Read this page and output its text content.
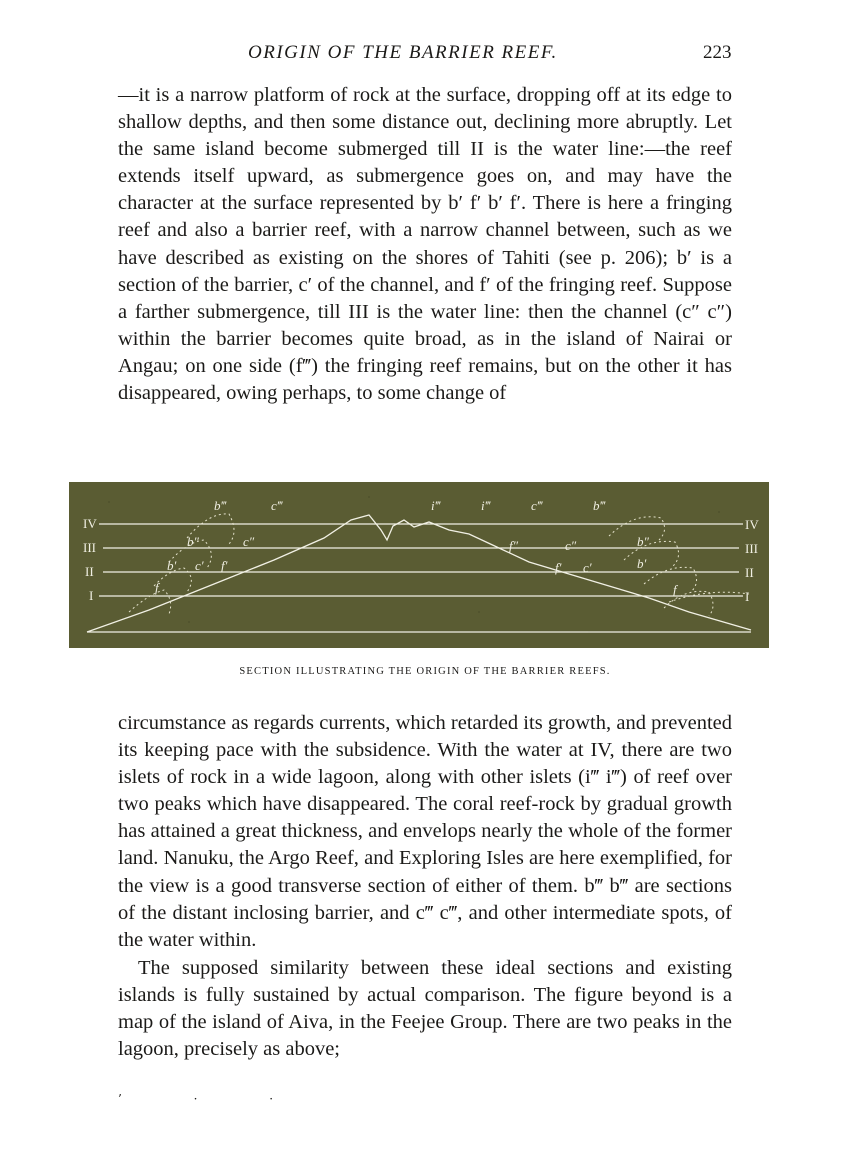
ORIGIN OF THE BARRIER REEF.	223

—it is a narrow platform of rock at the surface, dropping off at its edge to shallow depths, and then some distance out, declining more abruptly. Let the same island become submerged till II is the water line:—the reef extends itself upward, as submergence goes on, and may have the character at the surface represented by b′ f′ b′ f′. There is here a fringing reef and also a barrier reef, with a narrow channel between, such as we have described as existing on the shores of Tahiti (see p. 206); b′ is a section of the barrier, c′ of the channel, and f′ of the fringing reef. Suppose a farther submergence, till III is the water line: then the channel (c″ c″) within the barrier becomes quite broad, as in the island of Nairai or Angau; on one side (f‴) the fringing reef remains, but on the other it has disappeared, owing perhaps, to some change of

IV
III
II
I
IV
III
II
I
b‴	c‴	i‴	i‴	c‴	b‴
b″	c″	f″	c″	b″
b′ c′ f′	f′ c′	b′
f	f
SECTION ILLUSTRATING THE ORIGIN OF THE BARRIER REEFS.

circumstance as regards currents, which retarded its growth, and prevented its keeping pace with the subsidence. With the water at IV, there are two islets of rock in a wide lagoon, along with other islets (i‴ i‴) of reef over two peaks which have disappeared. The coral reef-rock by gradual growth has attained a great thickness, and envelops nearly the whole of the former land. Nanuku, the Argo Reef, and Exploring Isles are here exemplified, for the view is a good transverse section of either of them. b‴ b‴ are sections of the distant inclosing barrier, and c‴ c‴, and other intermediate spots, of the water within.

The supposed similarity between these ideal sections and existing islands is fully sustained by actual comparison. The figure beyond is a map of the island of Aiva, in the Feejee Group. There are two peaks in the lagoon, precisely as above;

’ · ·
